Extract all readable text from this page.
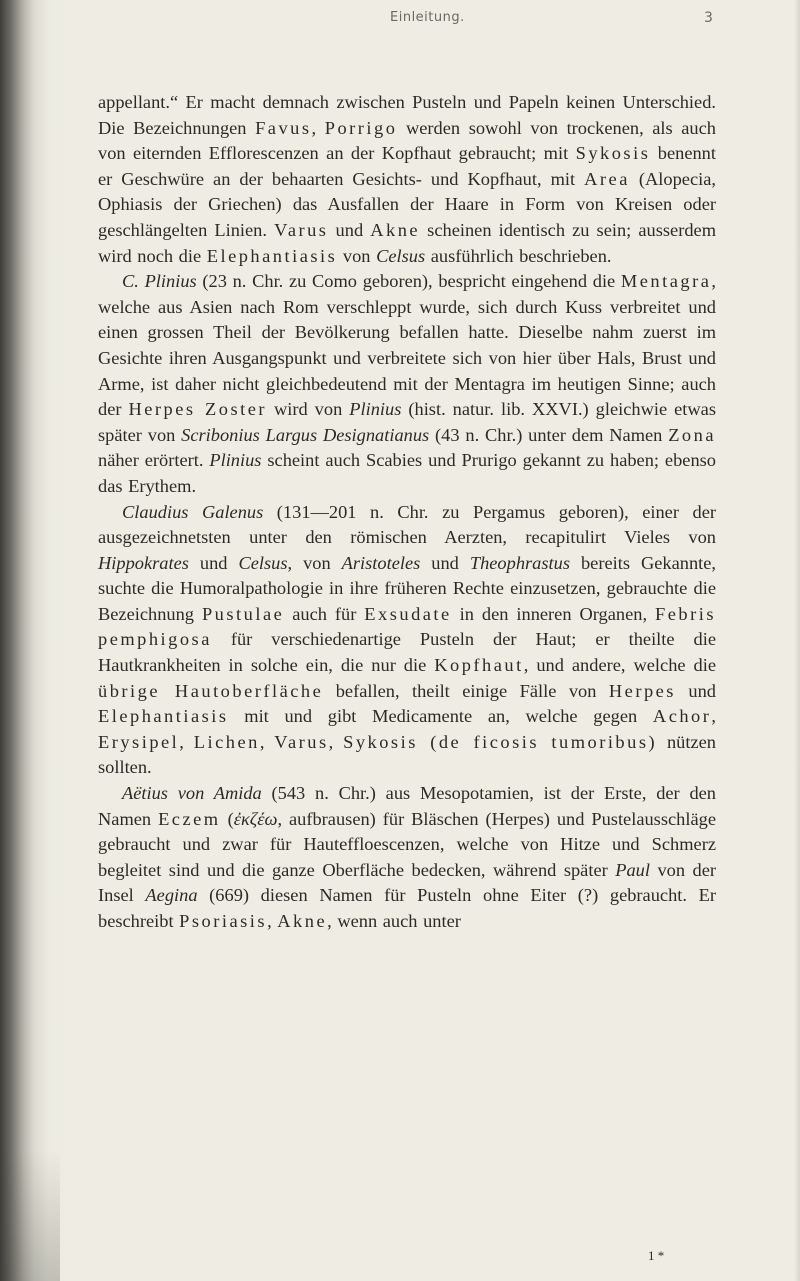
Einleitung.	3

appellant.“ Er macht demnach zwischen Pusteln und Papeln keinen Unterschied. Die Bezeichnungen Favus, Porrigo werden sowohl von trockenen, als auch von eiternden Efflorescenzen an der Kopfhaut gebraucht; mit Sykosis benennt er Geschwüre an der behaarten Gesichts- und Kopfhaut, mit Area (Alopecia, Ophiasis der Griechen) das Ausfallen der Haare in Form von Kreisen oder geschlängelten Linien. Varus und Akne scheinen identisch zu sein; ausserdem wird noch die Elephantiasis von Celsus ausführlich beschrieben.

C. Plinius (23 n. Chr. zu Como geboren), bespricht eingehend die Mentagra, welche aus Asien nach Rom verschleppt wurde, sich durch Kuss verbreitet und einen grossen Theil der Bevölkerung befallen hatte. Dieselbe nahm zuerst im Gesichte ihren Ausgangspunkt und verbreitete sich von hier über Hals, Brust und Arme, ist daher nicht gleichbedeutend mit der Mentagra im heutigen Sinne; auch der Herpes Zoster wird von Plinius (hist. natur. lib. XXVI.) gleichwie etwas später von Scribonius Largus Designatianus (43 n. Chr.) unter dem Namen Zona näher erörtert. Plinius scheint auch Scabies und Prurigo gekannt zu haben; ebenso das Erythem.

Claudius Galenus (131—201 n. Chr. zu Pergamus geboren), einer der ausgezeichnetsten unter den römischen Aerzten, recapitulirt Vieles von Hippokrates und Celsus, von Aristoteles und Theophrastus bereits Gekannte, suchte die Humoralpathologie in ihre früheren Rechte einzusetzen, gebrauchte die Bezeichnung Pustulae auch für Exsudate in den inneren Organen, Febris pemphigosa für verschiedenartige Pusteln der Haut; er theilte die Hautkrankheiten in solche ein, die nur die Kopfhaut, und andere, welche die übrige Hautoberfläche befallen, theilt einige Fälle von Herpes und Elephantiasis mit und gibt Medicamente an, welche gegen Achor, Erysipel, Lichen, Varus, Sykosis (de ficosis tumoribus) nützen sollten.

Aëtius von Amida (543 n. Chr.) aus Mesopotamien, ist der Erste, der den Namen Eczem (ἐκζέω, aufbrausen) für Bläschen (Herpes) und Pustelausschläge gebraucht und zwar für Hauteffloescenzen, welche von Hitze und Schmerz begleitet sind und die ganze Oberfläche bedecken, während später Paul von der Insel Aegina (669) diesen Namen für Pusteln ohne Eiter (?) gebraucht. Er beschreibt Psoriasis, Akne, wenn auch unter

1 *
